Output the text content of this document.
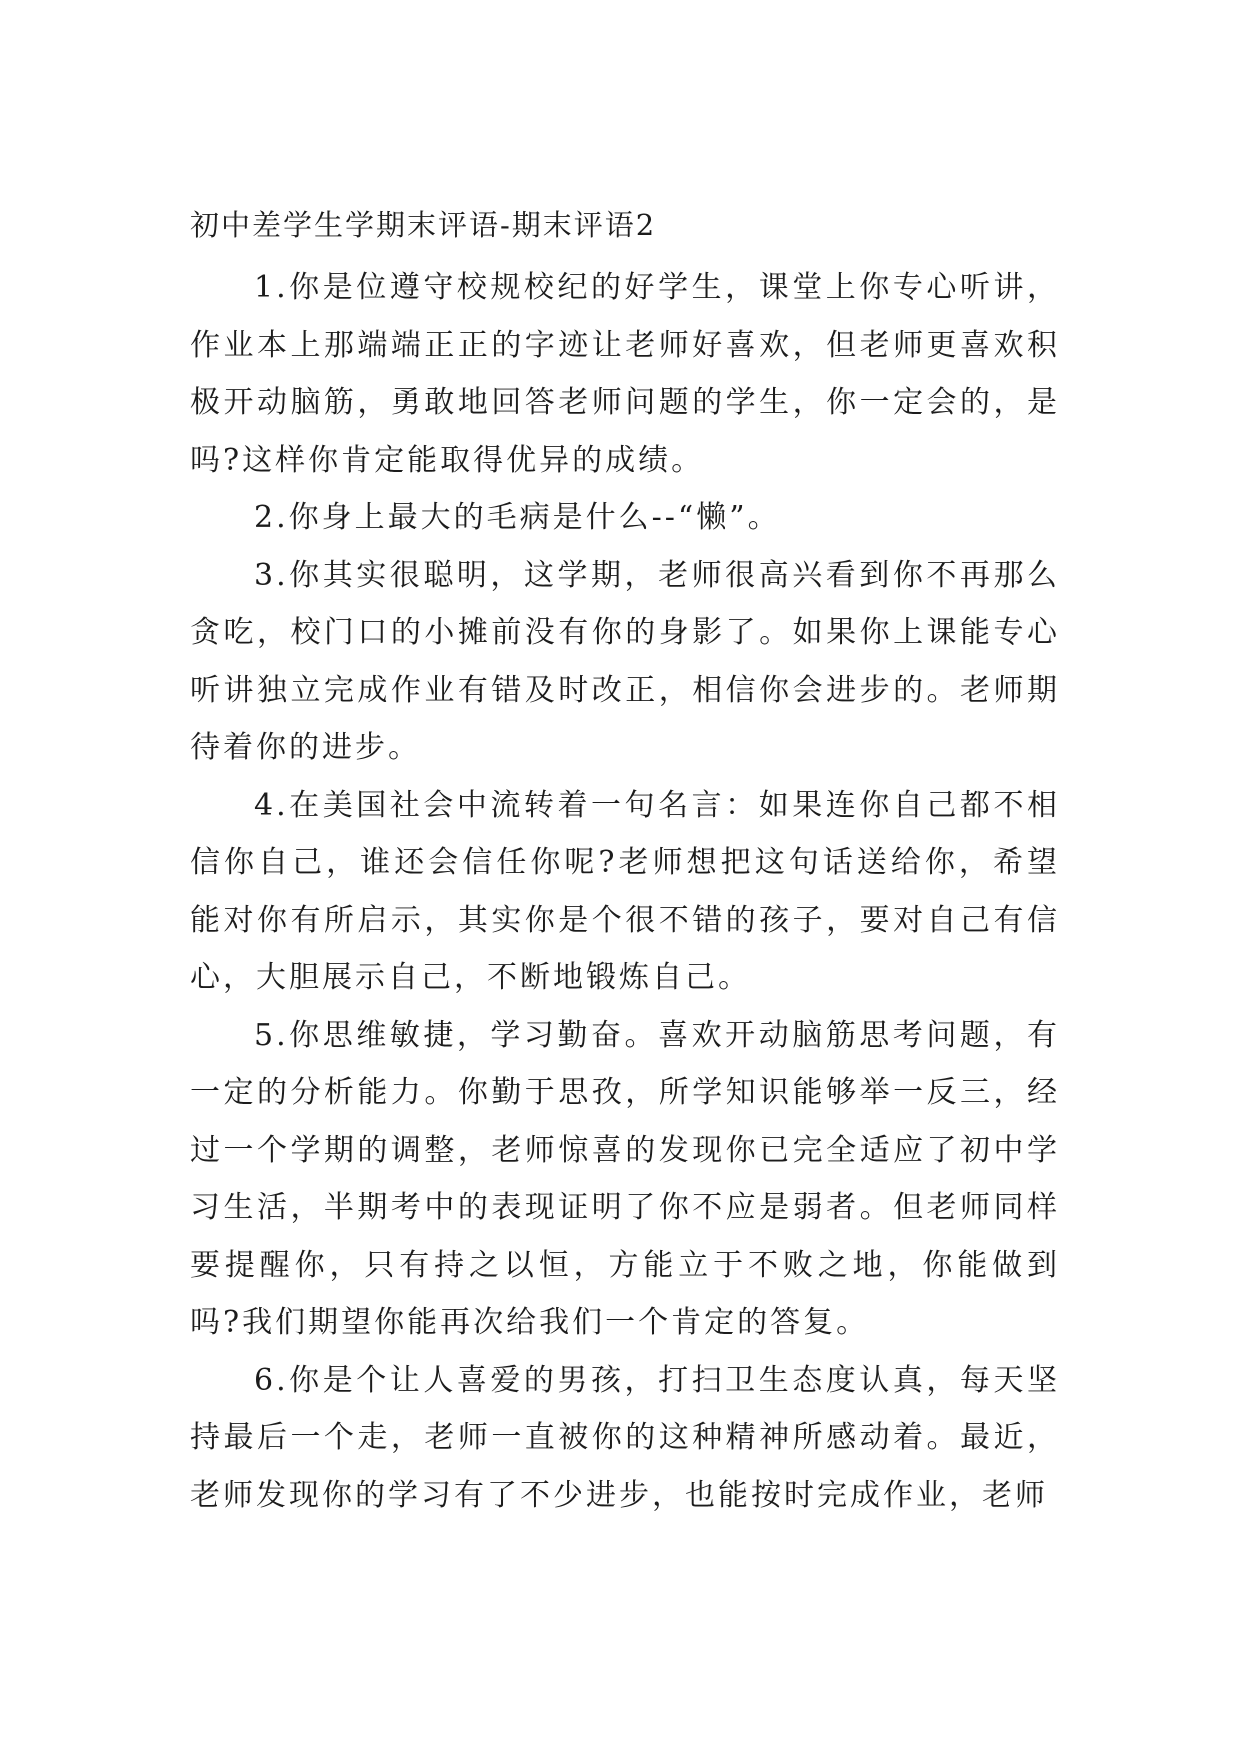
初中差学生学期末评语-期末评语2

1.你是位遵守校规校纪的好学生，课堂上你专心听讲，作业本上那端端正正的字迹让老师好喜欢，但老师更喜欢积极开动脑筋，勇敢地回答老师问题的学生，你一定会的，是吗?这样你肯定能取得优异的成绩。

2.你身上最大的毛病是什么--“懒”。

3.你其实很聪明，这学期，老师很高兴看到你不再那么贪吃，校门口的小摊前没有你的身影了。如果你上课能专心听讲独立完成作业有错及时改正，相信你会进步的。老师期待着你的进步。

4.在美国社会中流转着一句名言：如果连你自己都不相信你自己，谁还会信任你呢?老师想把这句话送给你，希望能对你有所启示，其实你是个很不错的孩子，要对自己有信心，大胆展示自己，不断地锻炼自己。

5.你思维敏捷，学习勤奋。喜欢开动脑筋思考问题，有一定的分析能力。你勤于思孜，所学知识能够举一反三，经过一个学期的调整，老师惊喜的发现你已完全适应了初中学习生活，半期考中的表现证明了你不应是弱者。但老师同样要提醒你，只有持之以恒，方能立于不败之地，你能做到吗?我们期望你能再次给我们一个肯定的答复。

6.你是个让人喜爱的男孩，打扫卫生态度认真，每天坚持最后一个走，老师一直被你的这种精神所感动着。最近，老师发现你的学习有了不少进步，也能按时完成作业，老师
